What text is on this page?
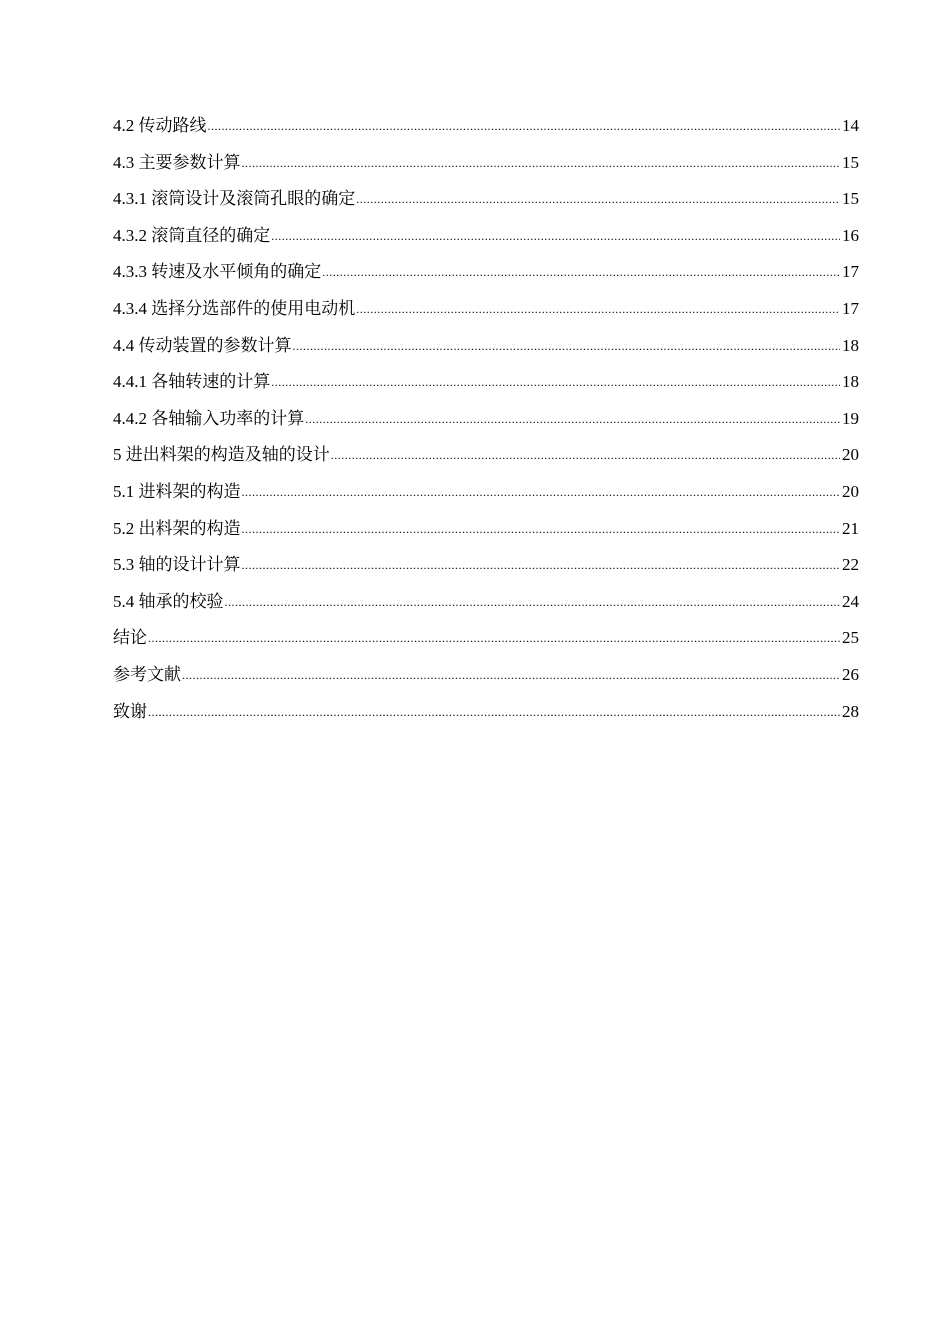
4.2 传动路线 .....	14
4.3 主要参数计算 .....	15
4.3.1 滚筒设计及滚筒孔眼的确定 .....	15
4.3.2 滚筒直径的确定 .....	16
4.3.3 转速及水平倾角的确定 .....	17
4.3.4 选择分选部件的使用电动机 .....	17
4.4 传动装置的参数计算 .....	18
4.4.1 各轴转速的计算 .....	18
4.4.2 各轴输入功率的计算 .....	19
5 进出料架的构造及轴的设计 .....	20
5.1 进料架的构造 .....	20
5.2 出料架的构造 .....	21
5.3 轴的设计计算 .....	22
5.4 轴承的校验 .....	24
结论 .....	25
参考文献 .....	26
致谢 .....	28
